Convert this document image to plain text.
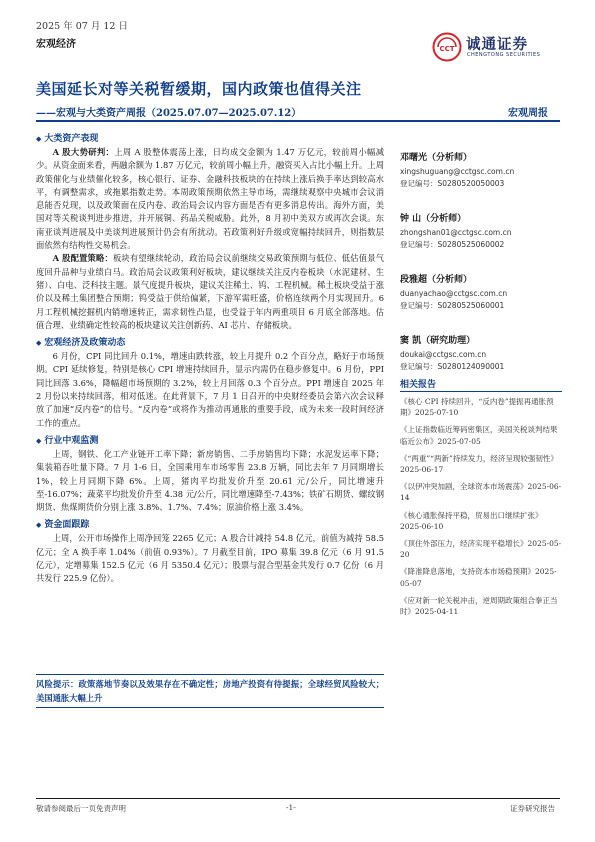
2025 年 07 月 12 日
宏观经济	CCT 诚通证券
CHENGTONG SECURITIES
美国延长对等关税暂缓期，国内政策也值得关注
——宏观与大类资产周报（2025.07.07—2025.07.12）	宏观周报
◆ 大类资产表现

A 股大势研判：上周 A 股整体震荡上涨，日均成交金额为 1.47 万亿元，较前周小幅减少。从资金面来看，两融余额为 1.87 万亿元，较前周小幅上升，融资买入占比小幅上升。上周政策催化与业绩催化较多，核心银行、证券、金融科技板块的在持续上涨后换手率达到较高水平，有调整需求，或拖累指数走势。本周政策预期依然主导市场，需继续观察中央城市会议消息能否兑现，以及政策面在反内卷、政治局会议内容方面是否有更多消息传出。海外方面，美国对等关税谈判进步推进，并开展铜、药品关税威胁。此外，8 月初中美双方或再次会谈。东南亚谈判进展及中美谈判进展预计仍会有所扰动。若政策利好升级或宽幅持续回升，则指数层面依然有结构性交易机会。

A 股配置策略：板块有望继续轮动，政治局会议前继续交易政策预期与低位、低估值景气度回升品种与业绩白马。政治局会议政策利好板块，建议继续关注反内卷板块（水泥建材、生猪）、白电、泛科技主题。景气度提升板块，建议关注稀土、钨、工程机械。稀土板块受益于涨价以及稀土集团整合预期；钨受益于供给偏紧，下游军需旺盛，价格连续两个月实现回升。6 月工程机械挖掘机内销增速转正，需求韧性凸显，也受益于年内两重项目 6 月底全部落地。估值合理、业绩确定性较高的板块建议关注创新药、AI 芯片、存储板块。

◆ 宏观经济及政策动态

6 月份，CPI 同比回升 0.1%，增速由跌转涨，较上月提升 0.2 个百分点，略好于市场预期。CPI 延续修复，特别是核心 CPI 增速持续回升，显示内需仍在稳步修复中。6 月份，PPI 同比回落 3.6%，降幅超市场预期的 3.2%，较上月回落 0.3 个百分点。PPI 增速自 2025 年 2 月份以来持续回落，相对低迷。在此背景下，7 月 1 日召开的中央财经委员会第六次会议释放了加速“反内卷”的信号。“反内卷”或将作为推动再通胀的重要手段，成为未来一段时间经济工作的重点。

◆ 行业中观监测

上周，钢铁、化工产业链开工率下降；新房销售、二手房销售均下降；水泥发运率下降；集装箱吞吐量下降。7 月 1-6 日，全国乘用车市场零售 23.8 万辆，同比去年 7 月同期增长 1%，较上月同期下降 6%。上周，猪肉平均批发价升至 20.61 元/公斤，同比增速升至-16.07%；蔬菜平均批发价升至 4.38 元/公斤，同比增速降至-7.43%；铁矿石期货、螺纹钢期货、焦煤期货价分别上涨 3.8%、1.7%、7.4%；原油价格上涨 3.4%。

◆ 资金面跟踪

上周，公开市场操作上周净回笼 2265 亿元；A 股合计减持 54.8 亿元，前值为减持 58.5 亿元；全 A 换手率 1.04%（前值 0.93%）。7 月截至目前，IPO 募集 39.8 亿元（6 月 91.5 亿元），定增募集 152.5 亿元（6 月 5350.4 亿元）；股票与混合型基金共发行 0.7 亿份（6 月共发行 225.9 亿份）。

风险提示：政策落地节奏以及效果存在不确定性；房地产投资有待提振；全球经贸风险较大；美国通胀大幅上升

邓曙光（分析师）
xingshuguang@cctgsc.com.cn
登记编号：S0280520050003
钟 山（分析师）
zhongshan01@cctgsc.com.cn
登记编号：S0280525060002
段雅超（分析师）
duanyachao@cctgsc.com.cn
登记编号：S0280525060001
窦 凯（研究助理）
doukai@cctgsc.com.cn
登记编号：S0280124090001
相关报告
《核心 CPI 持续回升，“反内卷”提振再通胀预期》2025-07-10
《上证指数临近筹码密集区，美国关税谈判结果临近公布》2025-07-05
《“两重”“两新”持续发力，经济呈现较强韧性》2025-06-17
《以伊冲突加剧，全球资本市场震荡》2025-06-14
《核心通胀保持平稳，贸易出口继续扩张》2025-06-10
《顶住外部压力，经济实现平稳增长》2025-05-20
《降准降息落地，支持资本市场稳预期》2025-05-07
《应对新一轮关税冲击，逆周期政策组合拳正当时》2025-04-11
敬请参阅最后一页免责声明	-1-	证券研究报告
